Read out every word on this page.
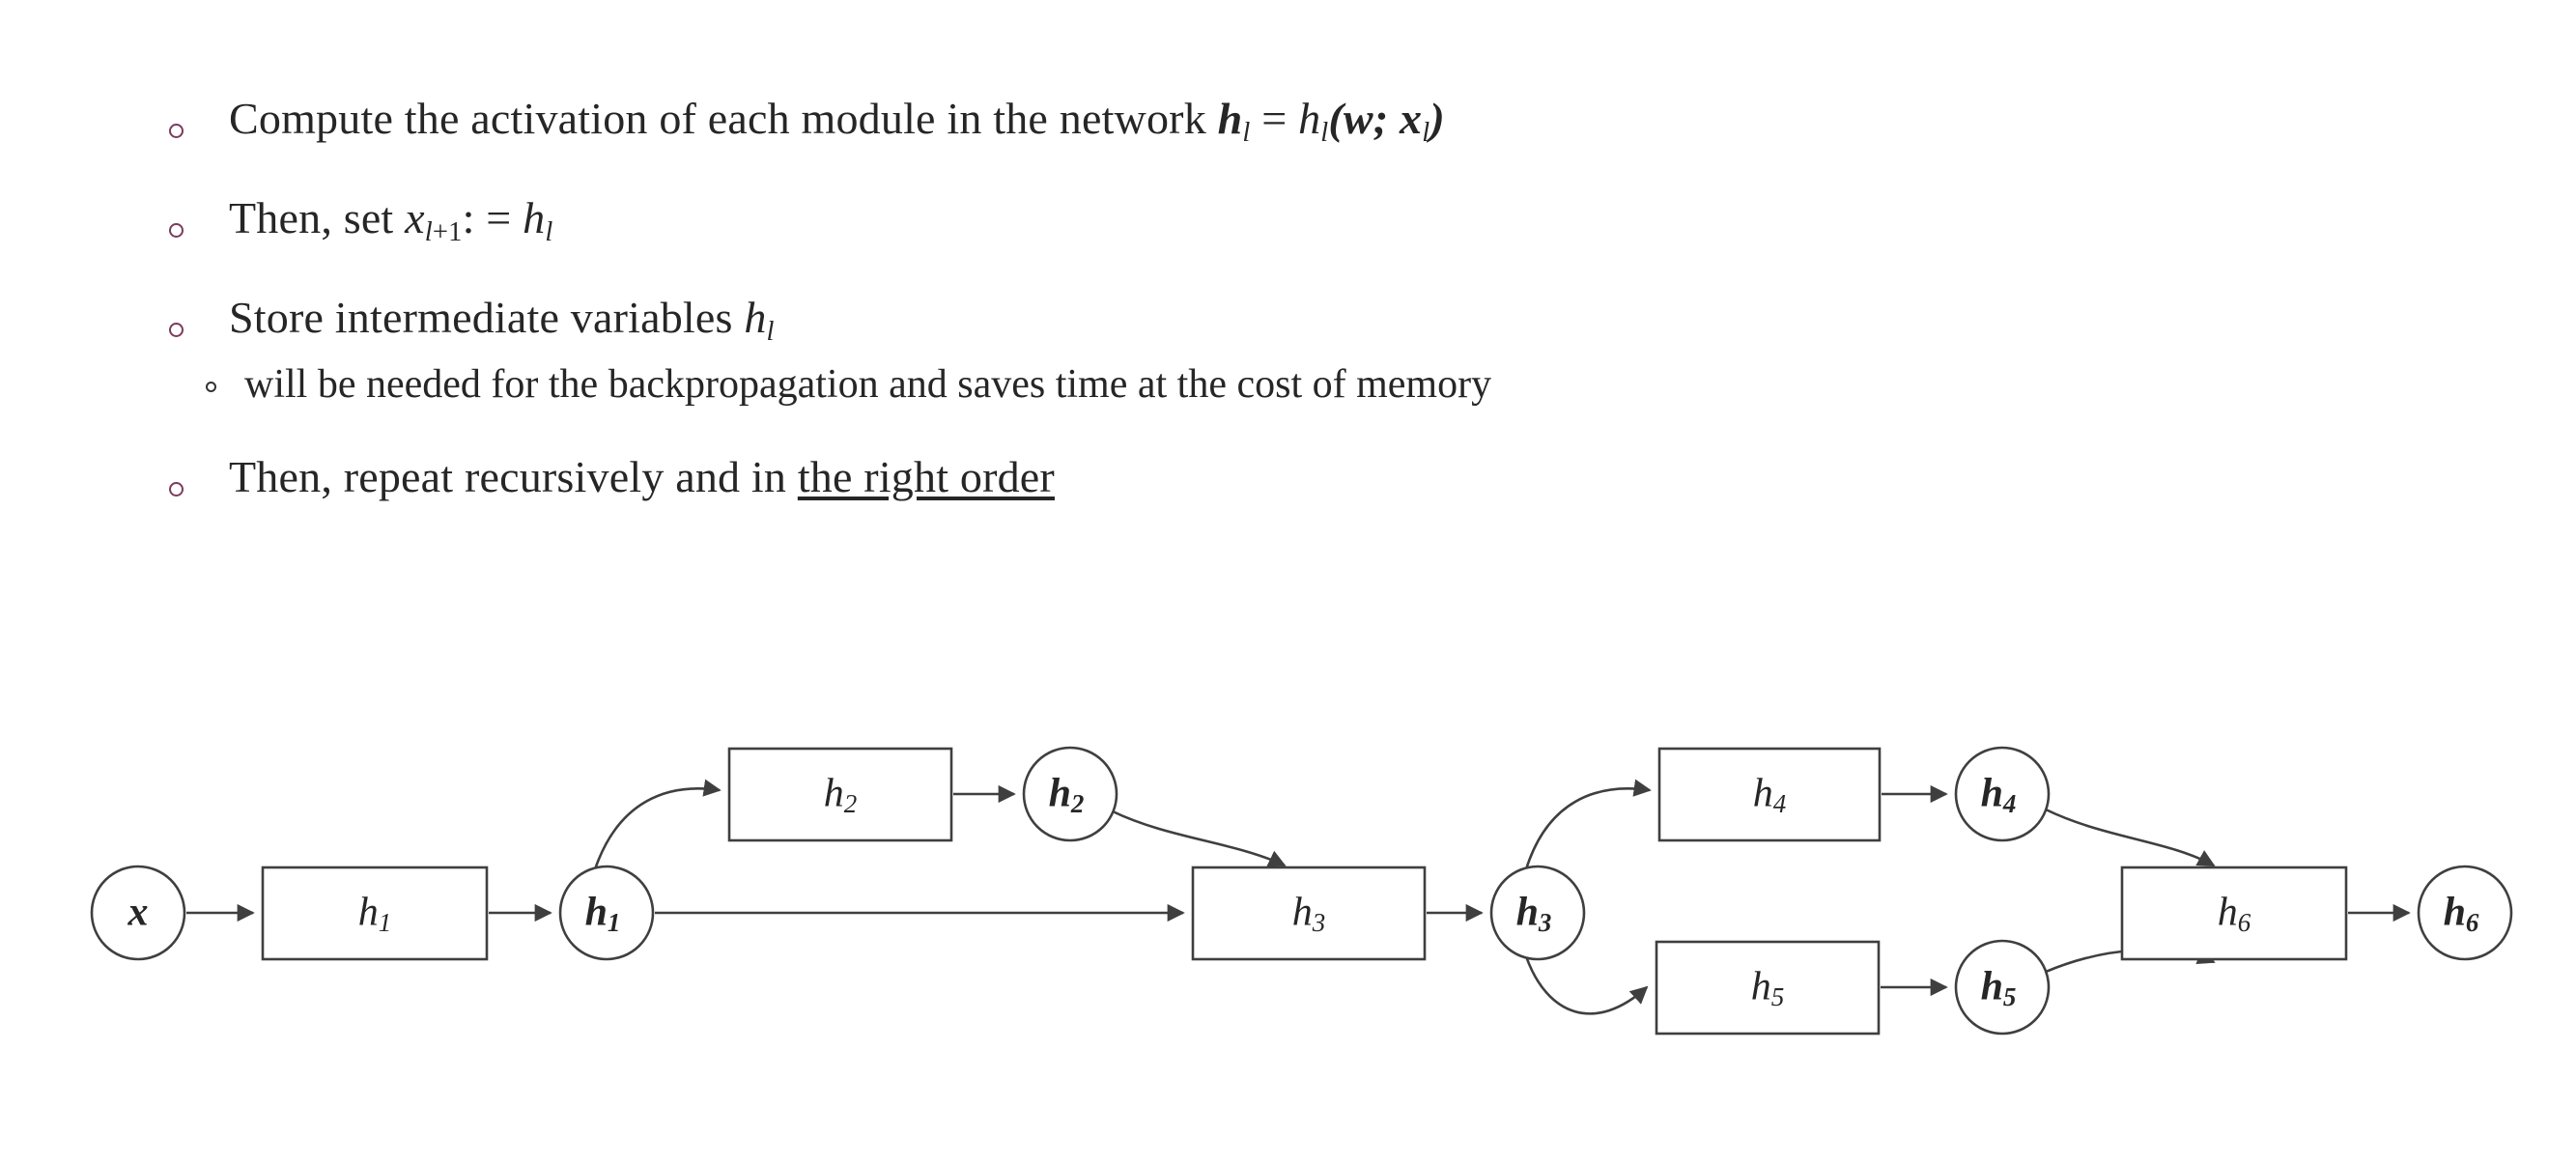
Compute the activation of each module in the network $h_l = h_l(w$; $x_l$)
Then, set $x_l+1$: = $h_l$
Store intermediate variables $h_l$
will be needed for the backpropagation and saves time at the cost of memory
Then, repeat recursively and in the right order
x	$h_1$	$h_1$
$h_2$	$h_2$
$h_3$	$h_3$
$h_4$	$h_4$
$h_5$	$h_5$
$h_6$	$h_6$
